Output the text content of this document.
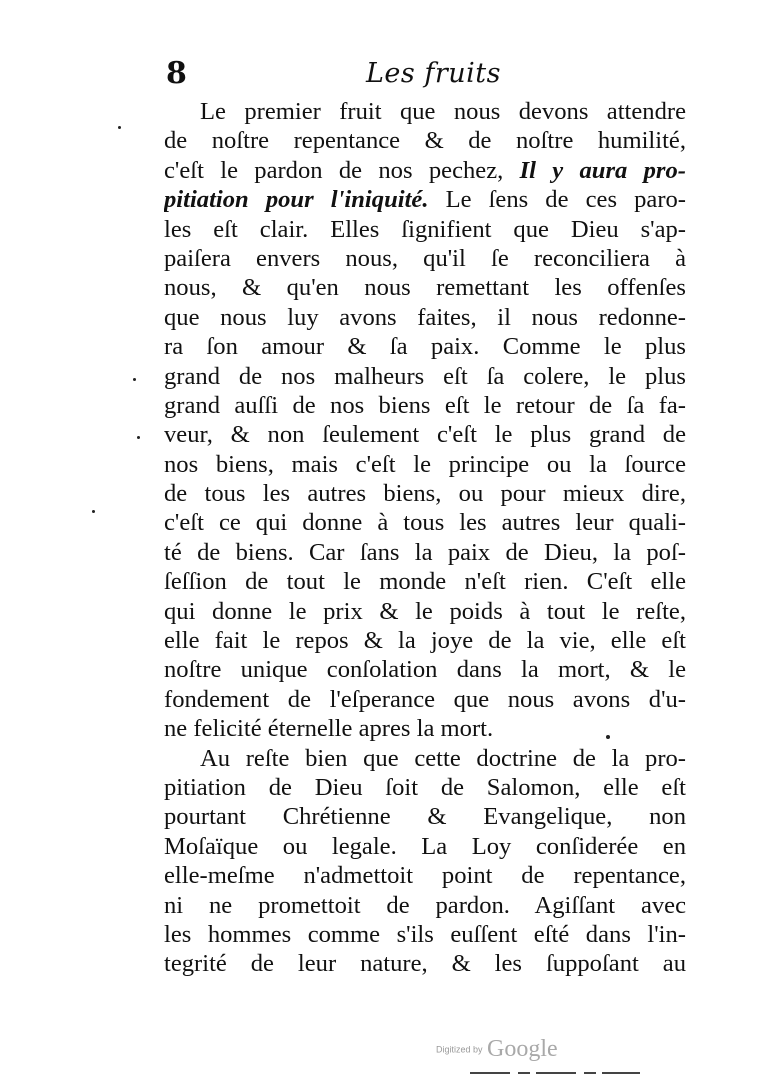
8	Les fruits
Le premier fruit que nous devons attendre
de noſtre repentance & de noſtre humilité,
c'eſt le pardon de nos pechez, Il y aura pro-
pitiation pour l'iniquité. Le ſens de ces paro-
les eſt clair. Elles ſignifient que Dieu s'ap-
paiſera envers nous, qu'il ſe reconciliera à
nous, & qu'en nous remettant les offenſes
que nous luy avons faites, il nous redonne-
ra ſon amour & ſa paix. Comme le plus
grand de nos malheurs eſt ſa colere, le plus
grand auſſi de nos biens eſt le retour de ſa fa-
veur, & non ſeulement c'eſt le plus grand de
nos biens, mais c'eſt le principe ou la ſource
de tous les autres biens, ou pour mieux dire,
c'eſt ce qui donne à tous les autres leur quali-
té de biens. Car ſans la paix de Dieu, la poſ-
ſeſſion de tout le monde n'eſt rien. C'eſt elle
qui donne le prix & le poids à tout le reſte,
elle fait le repos & la joye de la vie, elle eſt
noſtre unique conſolation dans la mort, & le
fondement de l'eſperance que nous avons d'u-
ne felicité éternelle apres la mort.
Au reſte bien que cette doctrine de la pro-
pitiation de Dieu ſoit de Salomon, elle eſt
pourtant Chrétienne & Evangelique, non
Moſaïque ou legale. La Loy conſiderée en
elle-meſme n'admettoit point de repentance,
ni ne promettoit de pardon. Agiſſant avec
les hommes comme s'ils euſſent eſté dans l'in-
tegrité de leur nature, & les ſuppoſant au
Digitized by Google
